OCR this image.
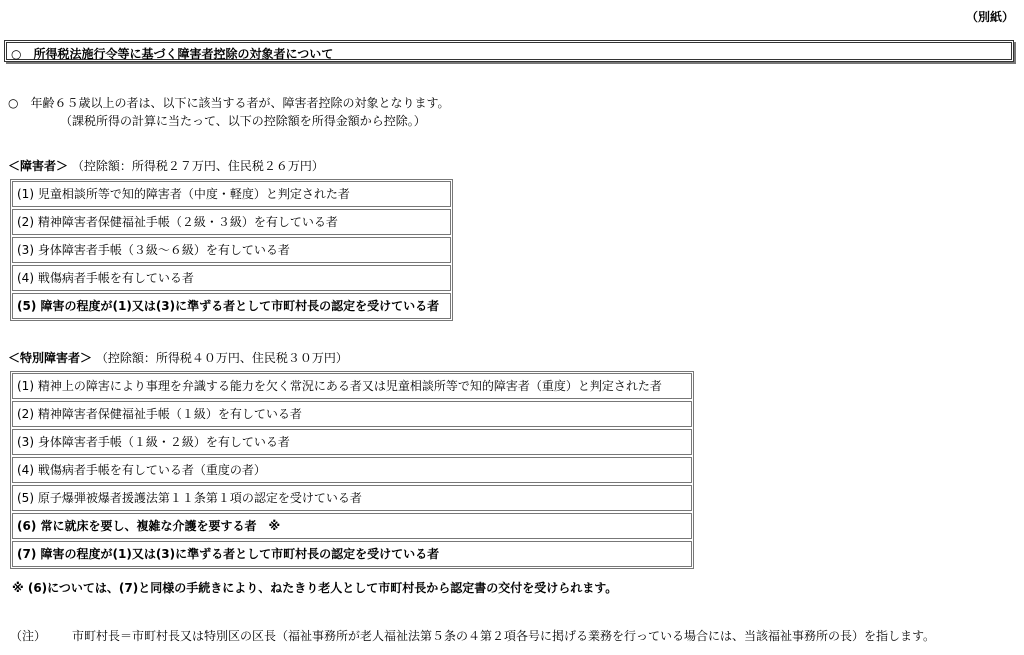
（別紙）
○　所得税法施行令等に基づく障害者控除の対象者について
○　年齢６５歳以上の者は、以下に該当する者が、障害者控除の対象となります。
（課税所得の計算に当たって、以下の控除額を所得金額から控除。）
＜障害者＞ （控除額：所得税２７万円、住民税２６万円）
(1) 児童相談所等で知的障害者（中度・軽度）と判定された者
(2) 精神障害者保健福祉手帳（２級・３級）を有している者
(3) 身体障害者手帳（３級～６級）を有している者
(4) 戦傷病者手帳を有している者
(5) 障害の程度が(1)又は(3)に準ずる者として市町村長の認定を受けている者
＜特別障害者＞ （控除額：所得税４０万円、住民税３０万円）
(1) 精神上の障害により事理を弁識する能力を欠く常況にある者又は児童相談所等で知的障害者（重度）と判定された者
(2) 精神障害者保健福祉手帳（１級）を有している者
(3) 身体障害者手帳（１級・２級）を有している者
(4) 戦傷病者手帳を有している者（重度の者）
(5) 原子爆弾被爆者援護法第１１条第１項の認定を受けている者
(6) 常に就床を要し、複雑な介護を要する者　※
(7) 障害の程度が(1)又は(3)に準ずる者として市町村長の認定を受けている者
※ (6)については、(7)と同様の手続きにより、ねたきり老人として市町村長から認定書の交付を受けられます。
（注） 市町村長＝市町村長又は特別区の区長（福祉事務所が老人福祉法第５条の４第２項各号に掲げる業務を行っている場合には、当該福祉事務所の長）を指します。
